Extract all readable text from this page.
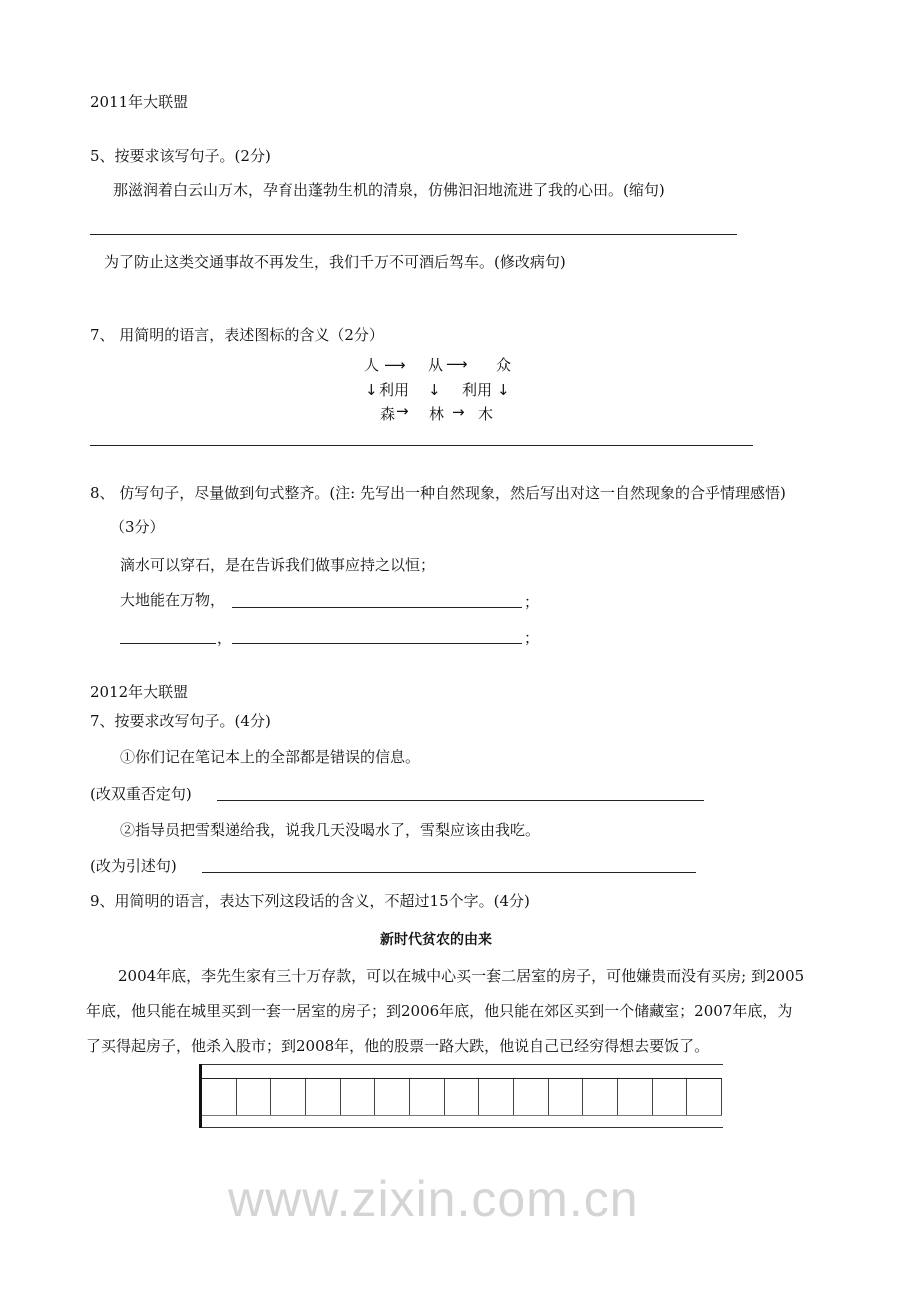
www.zixin.com.cn
2011年大联盟
5、按要求该写句子。(2分)
那滋润着白云山万木，孕育出蓬勃生机的清泉，仿佛汩汩地流进了我的心田。(缩句)
为了防止这类交通事故不再发生，我们千万不可酒后驾车。(修改病句)
7、 用简明的语言，表述图标的含义（2分）
人 ⟶ 从 ⟶ 众
↓ 利用 ↓ 利用 ↓
森 → 林 → 木
8、 仿写句子，尽量做到句式整齐。(注: 先写出一种自然现象，然后写出对这一自然现象的合乎情理感悟)
（3分）
滴水可以穿石，是在告诉我们做事应持之以恒；
大地能在万物，	；
，	；
2012年大联盟
7、按要求改写句子。(4分)
①你们记在笔记本上的全部都是错误的信息。
(改双重否定句)
②指导员把雪梨递给我，说我几天没喝水了，雪梨应该由我吃。
(改为引述句)
9、用简明的语言，表达下列这段话的含义，不超过15个字。(4分)
新时代贫农的由来
2004年底，李先生家有三十万存款，可以在城中心买一套二居室的房子，可他嫌贵而没有买房; 到2005
年底，他只能在城里买到一套一居室的房子；到2006年底，他只能在郊区买到一个储藏室；2007年底，为
了买得起房子，他杀入股市；到2008年，他的股票一路大跌，他说自己已经穷得想去要饭了。
